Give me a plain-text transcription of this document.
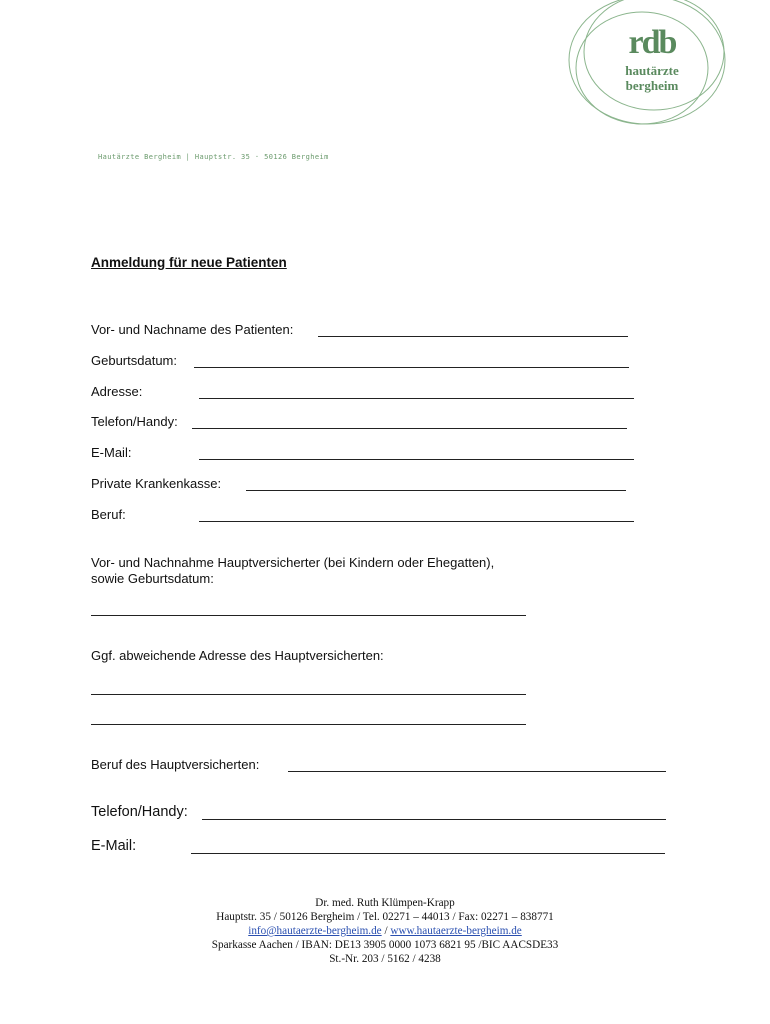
rdb
hautärzte
bergheim
Hautärzte Bergheim | Hauptstr. 35 · 50126 Bergheim
Anmeldung für neue Patienten
Vor- und Nachname des Patienten:
Geburtsdatum:
Adresse:
Telefon/Handy:
E-Mail:
Private Krankenkasse:
Beruf:
Vor- und Nachnahme Hauptversicherter (bei Kindern oder Ehegatten),
sowie Geburtsdatum:
Ggf. abweichende Adresse des Hauptversicherten:
Beruf des Hauptversicherten:
Telefon/Handy:
E-Mail:
Dr. med. Ruth Klümpen-Krapp
Hauptstr. 35 / 50126 Bergheim / Tel. 02271 – 44013 / Fax: 02271 – 838771
info@hautaerzte-bergheim.de / www.hautaerzte-bergheim.de
Sparkasse Aachen / IBAN: DE13 3905 0000 1073 6821 95 /BIC AACSDE33
St.-Nr. 203 / 5162 / 4238
